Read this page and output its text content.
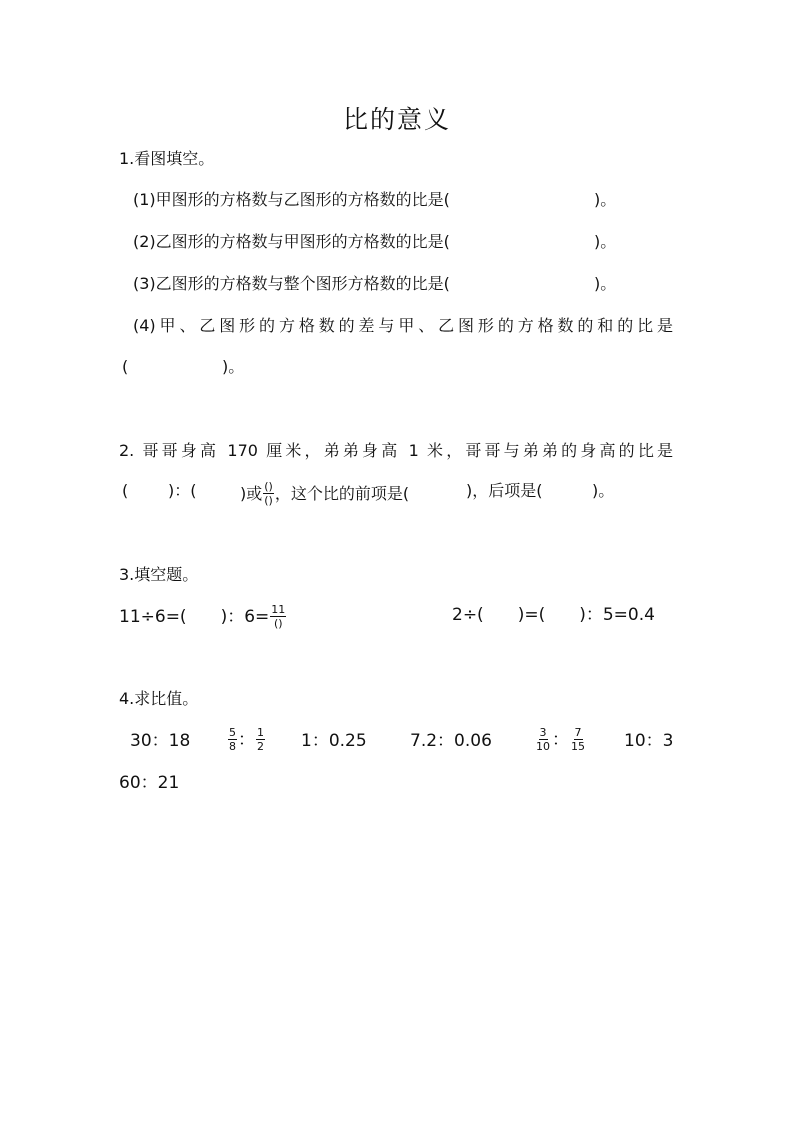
比的意义
1.看图填空。
(1)甲图形的方格数与乙图形的方格数的比是(	)。
(2)乙图形的方格数与甲图形的方格数的比是(	)。
(3)乙图形的方格数与整个图形方格数的比是(	)。
(4)甲、乙图形的方格数的差与甲、乙图形的方格数的和的比是
(	)。
2. 哥哥身高 170 厘米，弟弟身高 1 米，哥哥与弟弟的身高的比是
( )：(	)或 $\frac{()}{()}$ ，这个比的前项是(	)，后项是(	)。
3.填空题。
11÷6=( )：$6= \frac{11}{()}$	2÷( )=( )：5=0.4
4.求比值。
30：18	$\frac{5}{8}$ ： $\frac{1}{2} 1$：0.25	7.2：0.06	$\frac{3}{10}$ ： $\frac{7}{15} 10$：3
60：21
